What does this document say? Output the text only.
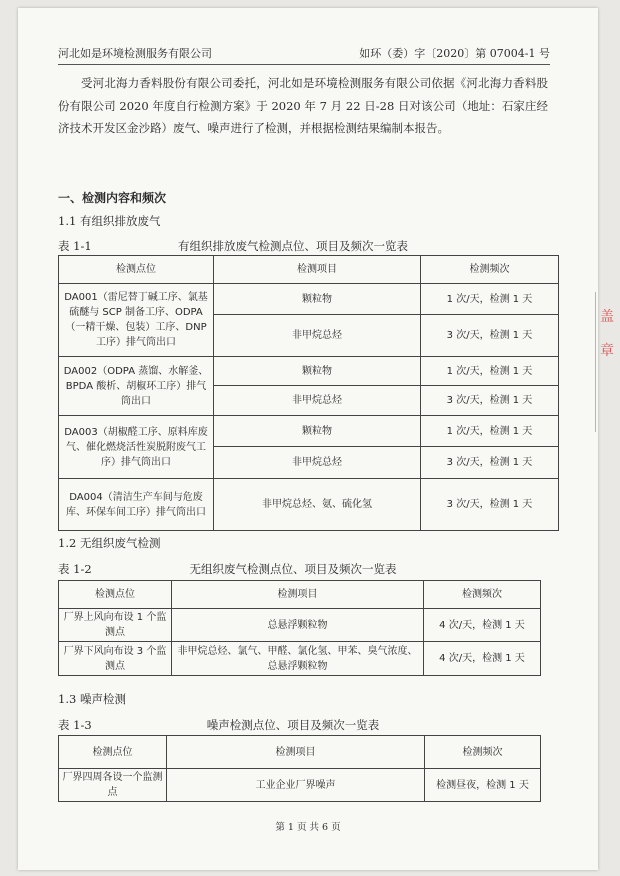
河北如是环境检测服务有限公司	如环（委）字〔2020〕第 07004-1 号

受河北海力香料股份有限公司委托，河北如是环境检测服务有限公司依据《河北海力香料股份有限公司 2020 年度自行检测方案》于 2020 年 7 月 22 日-28 日对该公司（地址：石家庄经济技术开发区金沙路）废气、噪声进行了检测，并根据检测结果编制本报告。

一、检测内容和频次
1.1 有组织排放废气
表 1-1	有组织排放废气检测点位、项目及频次一览表
检测点位	检测项目	检测频次
DA001（雷尼替丁碱工序、氯基硫醚与 SCP 制备工序、ODPA（一精干燥、包装）工序、DNP 工序）排气筒出口	颗粒物	1 次/天，检测 1 天
	非甲烷总烃	3 次/天，检测 1 天
DA002（ODPA 蒸馏、水解釜、BPDA 酸析、胡椒环工序）排气筒出口	颗粒物	1 次/天，检测 1 天
	非甲烷总烃	3 次/天，检测 1 天
DA003（胡椒醛工序、原料库废气、催化燃烧活性炭脱附废气工序）排气筒出口	颗粒物	1 次/天，检测 1 天
	非甲烷总烃	3 次/天，检测 1 天
DA004（清洁生产车间与危废库、环保车间工序）排气筒出口	非甲烷总烃、氨、硫化氢	3 次/天，检测 1 天
1.2 无组织废气检测
表 1-2	无组织废气检测点位、项目及频次一览表
检测点位	检测项目	检测频次
厂界上风向布设 1 个监测点	总悬浮颗粒物	4 次/天，检测 1 天
厂界下风向布设 3 个监测点	非甲烷总烃、氯气、甲醛、氯化氢、甲苯、臭气浓度、总悬浮颗粒物	4 次/天，检测 1 天
1.3 噪声检测
表 1-3	噪声检测点位、项目及频次一览表
检测点位	检测项目	检测频次
厂界四周各设一个监测点	工业企业厂界噪声	检测昼夜，检测 1 天
第 1 页 共 6 页
盖
章
